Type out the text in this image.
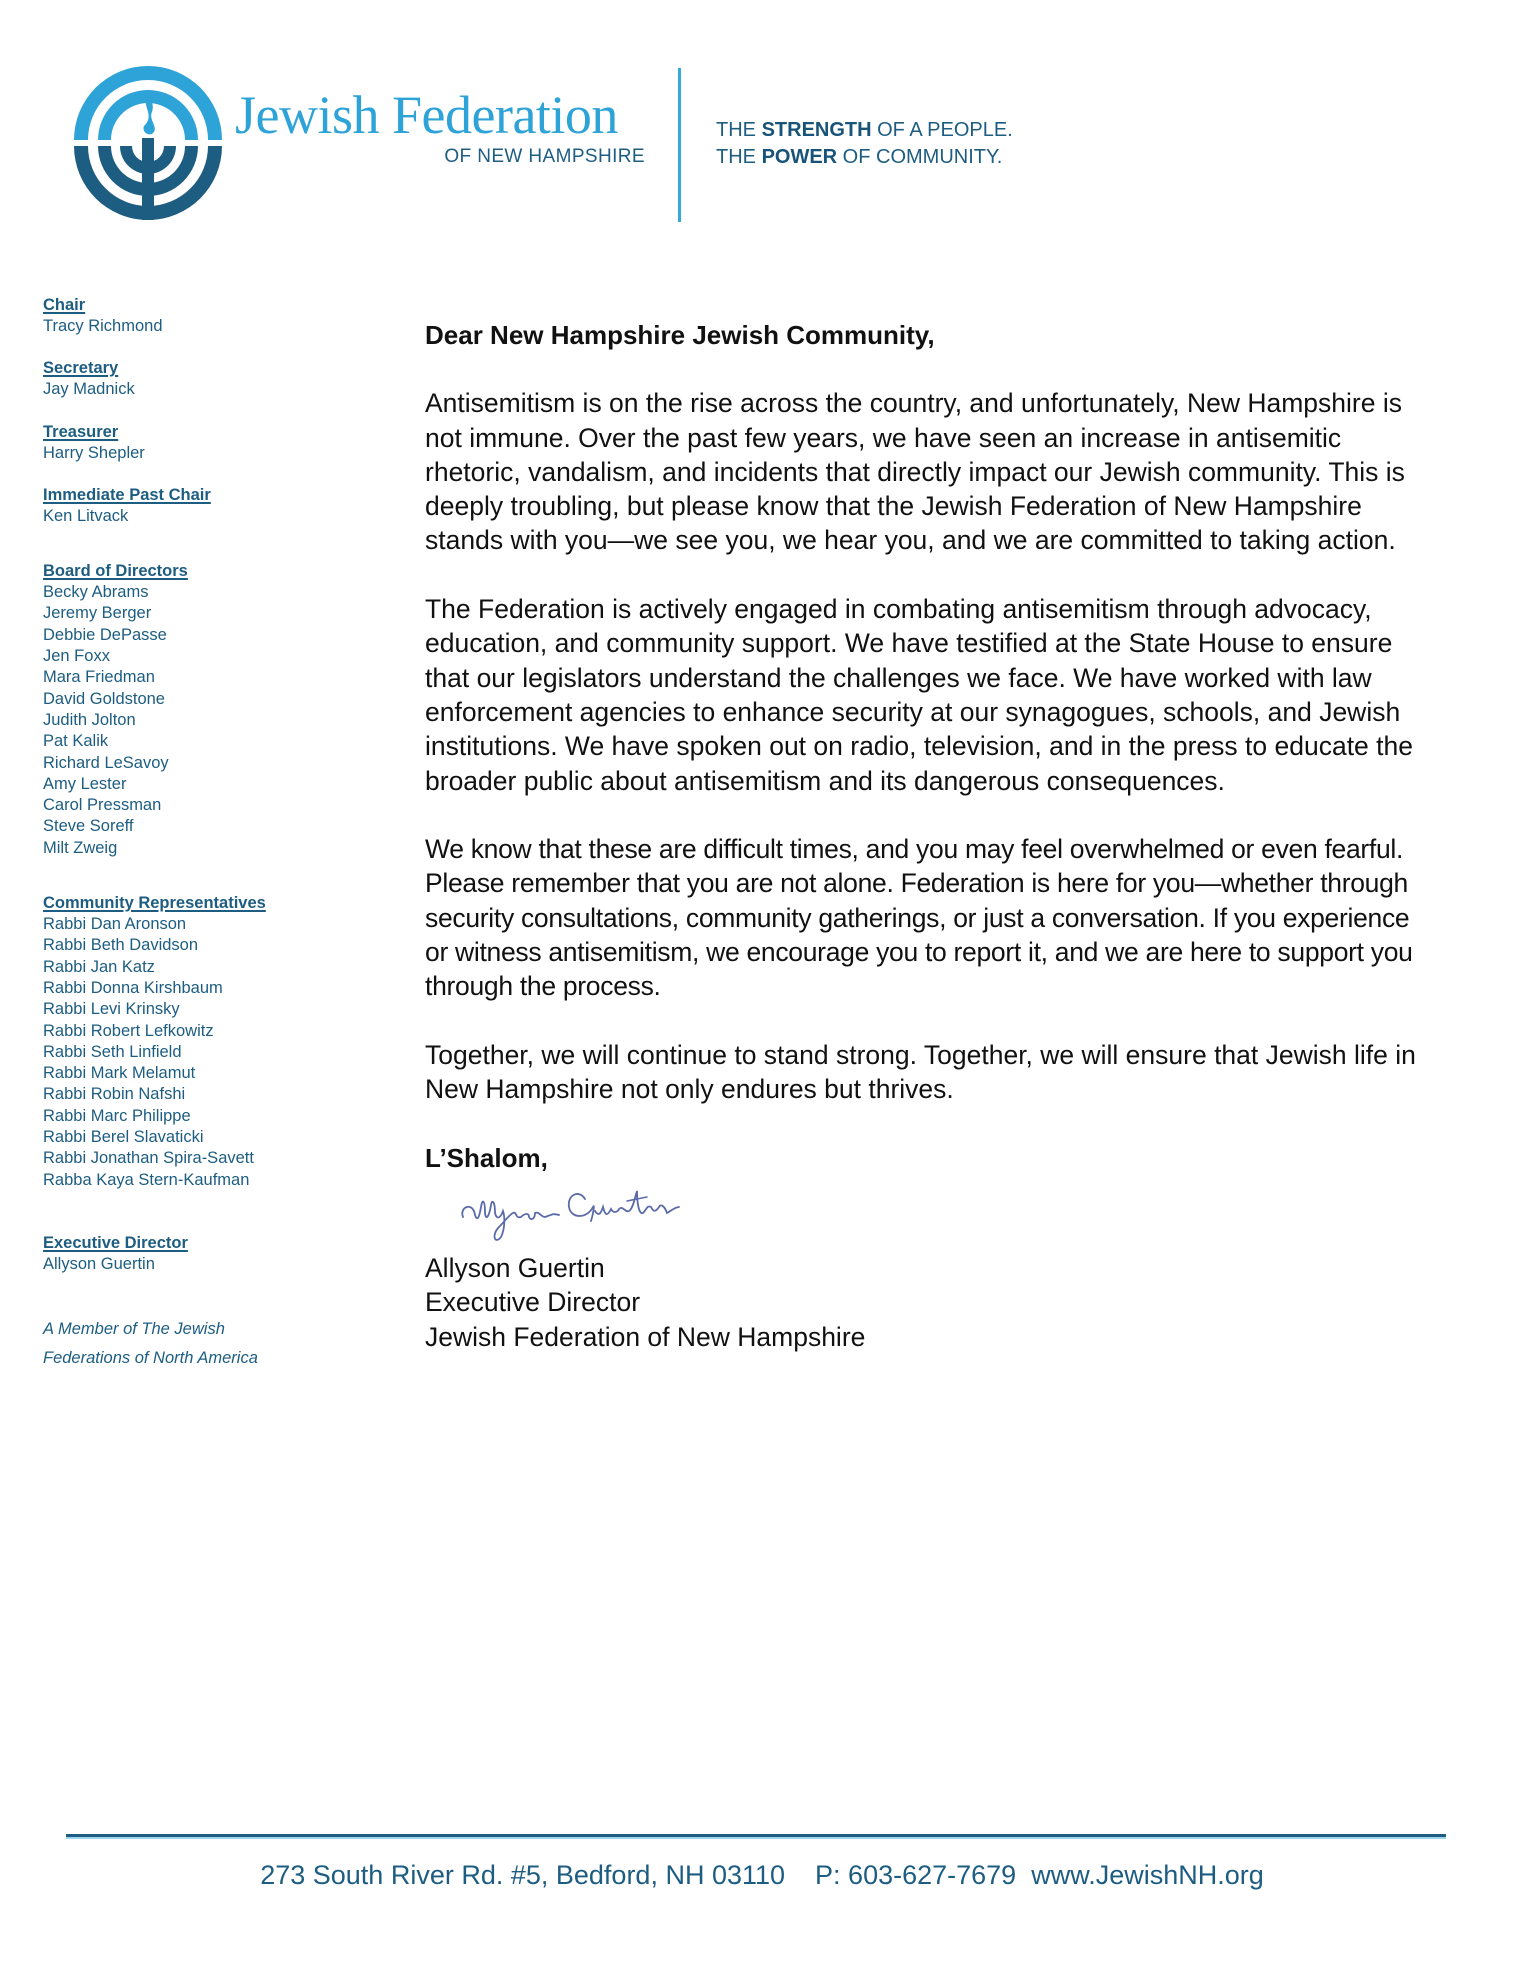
Jewish Federation
OF NEW HAMPSHIRE
THE STRENGTH OF A PEOPLE.
THE POWER OF COMMUNITY.
Chair
Tracy Richmond
Secretary
Jay Madnick
Treasurer
Harry Shepler
Immediate Past Chair
Ken Litvack
Board of Directors
Becky Abrams
Jeremy Berger
Debbie DePasse
Jen Foxx
Mara Friedman
David Goldstone
Judith Jolton
Pat Kalik
Richard LeSavoy
Amy Lester
Carol Pressman
Steve Soreff
Milt Zweig
Community Representatives
Rabbi Dan Aronson
Rabbi Beth Davidson
Rabbi Jan Katz
Rabbi Donna Kirshbaum
Rabbi Levi Krinsky
Rabbi Robert Lefkowitz
Rabbi Seth Linfield
Rabbi Mark Melamut
Rabbi Robin Nafshi
Rabbi Marc Philippe
Rabbi Berel Slavaticki
Rabbi Jonathan Spira-Savett
Rabba Kaya Stern-Kaufman
Executive Director
Allyson Guertin
A Member of The Jewish
Federations of North America

Dear New Hampshire Jewish Community,

Antisemitism is on the rise across the country, and unfortunately, New Hampshire is not immune. Over the past few years, we have seen an increase in antisemitic rhetoric, vandalism, and incidents that directly impact our Jewish community. This is deeply troubling, but please know that the Jewish Federation of New Hampshire stands with you—we see you, we hear you, and we are committed to taking action.

The Federation is actively engaged in combating antisemitism through advocacy, education, and community support. We have testified at the State House to ensure that our legislators understand the challenges we face. We have worked with law enforcement agencies to enhance security at our synagogues, schools, and Jewish institutions. We have spoken out on radio, television, and in the press to educate the broader public about antisemitism and its dangerous consequences.

We know that these are difficult times, and you may feel overwhelmed or even fearful. Please remember that you are not alone. Federation is here for you—whether through security consultations, community gatherings, or just a conversation. If you experience or witness antisemitism, we encourage you to report it, and we are here to support you through the process.

Together, we will continue to stand strong. Together, we will ensure that Jewish life in New Hampshire not only endures but thrives.

L’Shalom,

Allyson Guertin
Executive Director
Jewish Federation of New Hampshire
273 South River Rd. #5, Bedford, NH 03110 P: 603-627-7679 www.JewishNH.org
